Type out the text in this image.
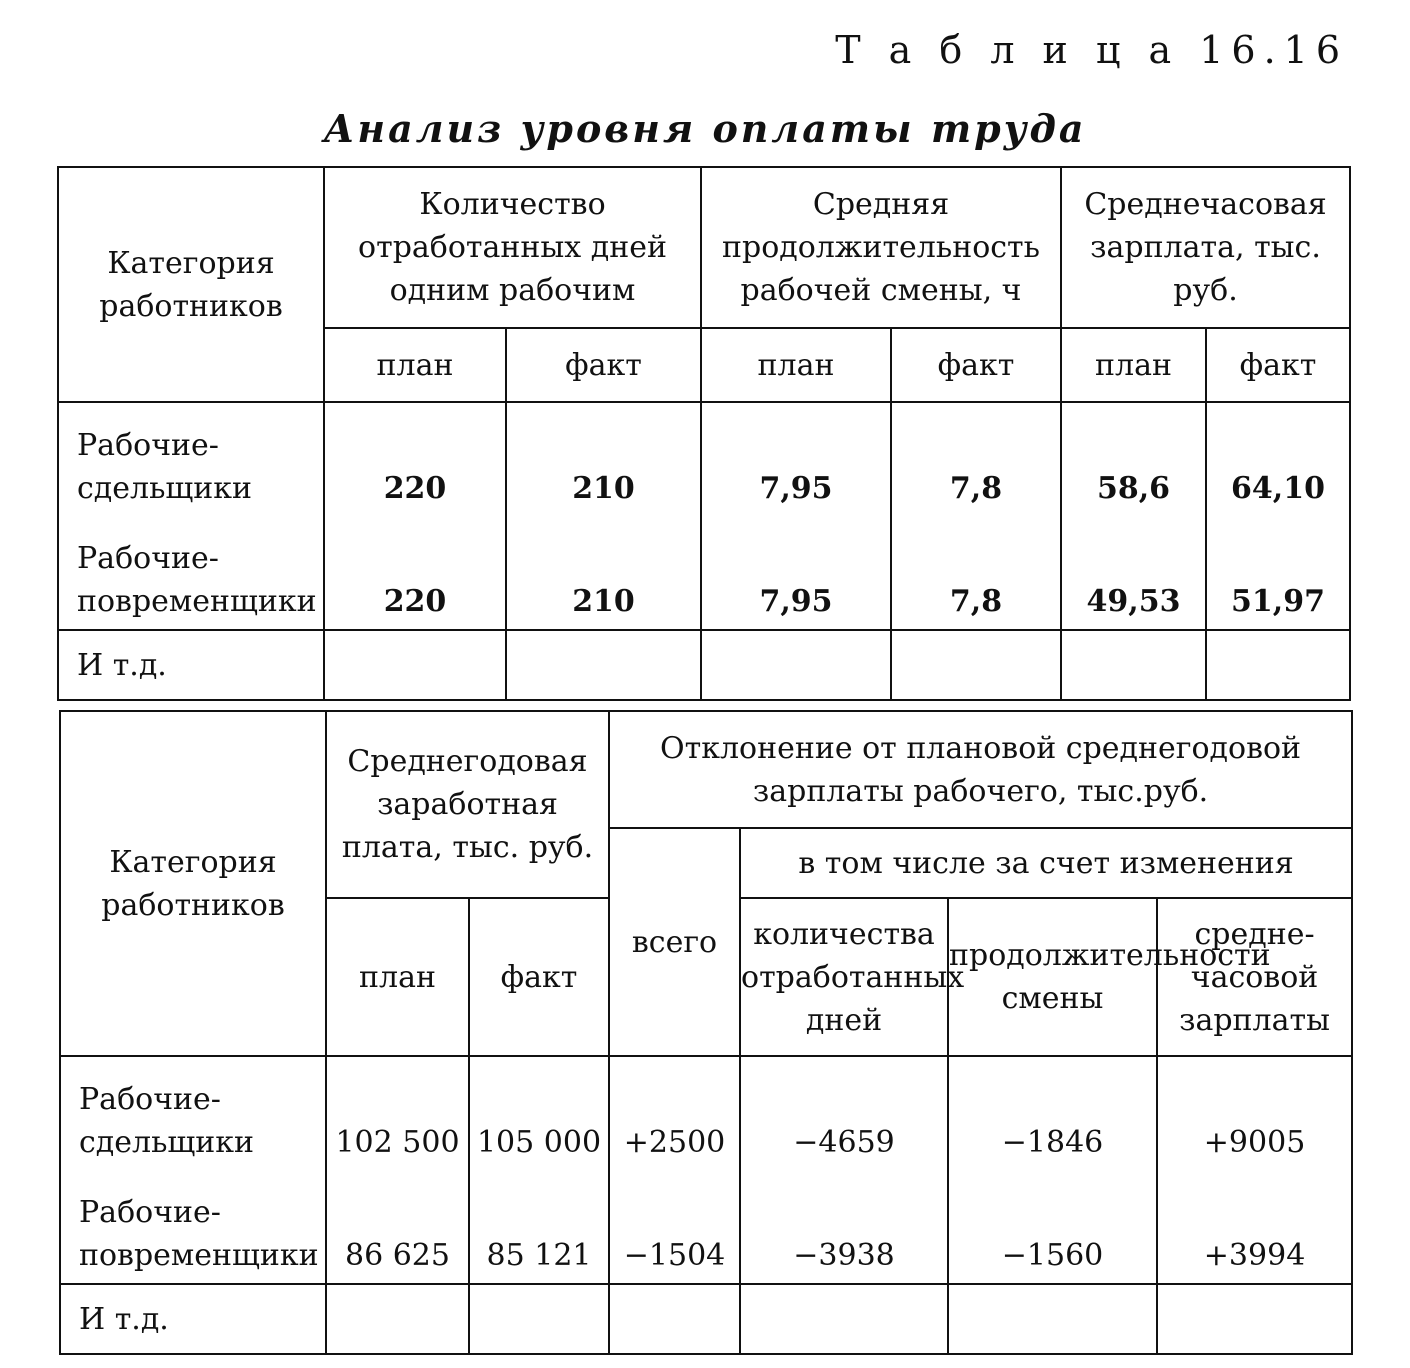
Т а б л и ц а 16.16
Анализ уровня оплаты труда
Категория работников	Количество отработанных дней одним рабочим		Средняя продолжительность рабочей смены, ч		Среднечасовая зарплата, тыс. руб.	
	план	факт	план	факт	план	факт
Рабочие-сдельщики	220	210	7,95	7,8	58,6	64,10
Рабочие-повременщики	220	210	7,95	7,8	49,53	51,97
И т.д.						
Категория работников	Среднегодовая заработная плата, тыс. руб.		Отклонение от плановой среднегодовой зарплаты рабочего, тыс.руб.			
			всего	в том числе за счет изменения		
	план	факт		количества отработанных дней	продолжительности смены	средне-часовой зарплаты
Рабочие-сдельщики	102 500	105 000	+2500	−4659	−1846	+9005
Рабочие-повременщики	86 625	85 121	−1504	−3938	−1560	+3994
И т.д.						
